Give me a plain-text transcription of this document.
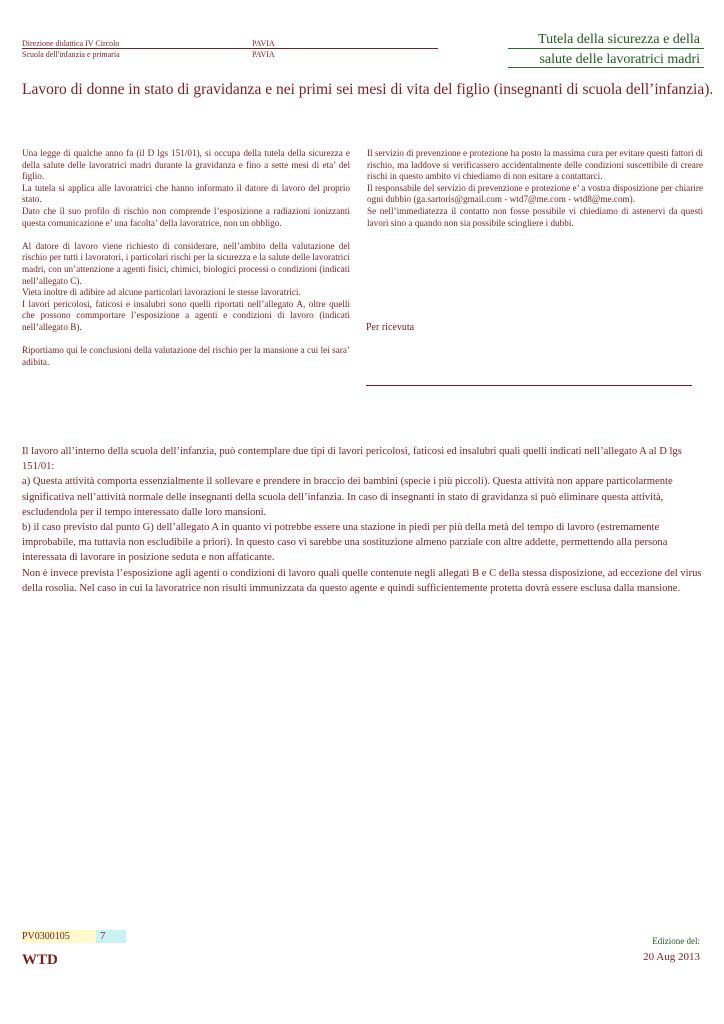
Direzione didattica IV Circolo
Scuola dell'infanzia e primaria
PAVIA
PAVIA
Tutela della sicurezza e della
salute delle lavoratrici madri
Lavoro di donne in stato di gravidanza e nei primi sei mesi di vita del figlio (insegnanti di scuola dell’infanzia).

Una legge di qualche anno fa (il D lgs 151/01), si occupa della tutela della sicurezza e della salute delle lavoratrici madri durante la gravidanza e fino a sette mesi di eta’ del figlio.

La tutela si applica alle lavoratrici che hanno informato il datore di lavoro del proprio stato.

Dato che il suo profilo di rischio non comprende l’esposizione a radiazioni ionizzanti questa comunicazione e’ una facolta’ della lavoratrice, non un obbligo.

Al datore di lavoro viene richiesto di considerare, nell’ambito della valutazione del rischio per tutti i lavoratori, i particolari rischi per la sicurezza e la salute delle lavoratrici madri, con un’attenzione a agenti fisici, chimici, biologici processi o condizioni (indicati nell’allegato C).

Vieta inoltre di adibire ad alcune particolari lavorazioni le stesse lavoratrici.

I lavori pericolosi, faticosi e insalubri sono quelli riportati nell’allegato A, oltre quelli che possono commportare l’esposizione a agenti e condizioni di lavoro (indicati nell’allegato B).

Riportiamo qui le conclusioni della valutazione del rischio per la mansione a cui lei sara’ adibita.

Il servizio di prevenzione e protezione ha posto la massima cura per evitare questi fattori di rischio, ma laddove si verificassero accidentalmente delle condizioni suscettibile di creare rischi in questo ambito vi chiediamo di non esitare a contattarci.

Il responsabile del servizio di prevenzione e protezione e’ a vostra disposizione per chiarire ogni dubbio (ga.sartoris@gmail.com - wtd7@me.com - wtd8@me.com).

Se nell’immediatezza il contatto non fosse possibile vi chiediamo di astenervi da questi lavori sino a quando non sia possibile sciogliere i dubbi.

Per ricevuta

Il lavoro all’interno della scuola dell’infanzia, può contemplare due tipi di lavori pericolosi, faticosi ed insalubri quali quelli indicati nell’allegato A al D lgs 151/01:

a) Questa attività comporta essenzialmente il sollevare e prendere in braccio dei bambini (specie i più piccoli). Questa attività non appare particolarmente significativa nell’attività normale delle insegnanti della scuola dell’infanzia. In caso di insegnanti in stato di gravidanza si può eliminare questa attività, escludendola per il tempo interessato dalle loro mansioni.

b) il caso previsto dal punto G) dell’allegato A in quanto vi potrebbe essere una stazione in piedi per più della metà del tempo di lavoro (estremamente improbabile, ma tuttavia non escludibile a priori). In questo caso vi sarebbe una sostituzione almeno parziale con altre addette, permettendo alla persona interessata di lavorare in posizione seduta e non affaticante.

Non è invece prevista l’esposizione agli agenti o condizioni di lavoro quali quelle contenute negli allegati B e C della stessa disposizione, ad eccezione del virus della rosolia. Nel caso in cui la lavoratrice non risulti immunizzata da questo agente e quindi sufficientemente protetta dovrà essere esclusa dalla mansione.

PV0300105	7
WTD
Edizione del:
20 Aug 2013
